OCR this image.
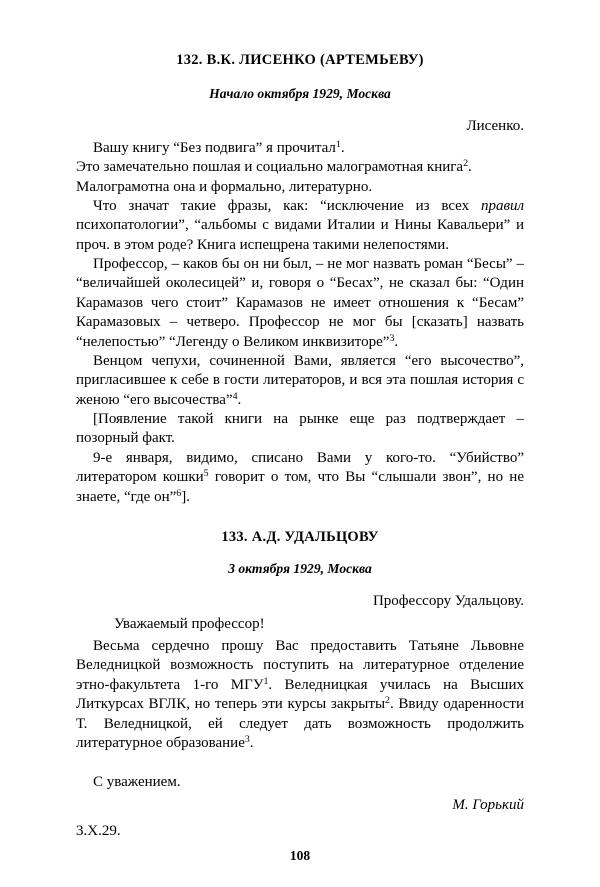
132. В.К. ЛИСЕНКО (АРТЕМЬЕВУ)
Начало октября 1929, Москва
Лисенко.

Вашу книгу “Без подвига” я прочитал$^1$.
Это замечательно пошлая и социально малограмотная книга$^2$.
Малограмотна она и формально, литературно.

Что значат такие фразы, как: “исключение из всех правил психопатологии”, “альбомы с видами Италии и Нины Кавальери” и проч. в этом роде? Книга испещрена такими нелепостями.

Профессор, – каков бы он ни был, – не мог назвать роман “Бесы” – “величайшей околесицей” и, говоря о “Бесах”, не сказал бы: “Один Карамазов чего стоит” Карамазов не имеет отношения к “Бесам” Карамазовых – четверо. Профессор не мог бы [сказать] назвать “нелепостью” “Легенду о Великом инквизиторе”$^3$.

Венцом чепухи, сочиненной Вами, является “его высочество”, пригласившее к себе в гости литераторов, и вся эта пошлая история с женою “его высочества”$^4$.

[Появление такой книги на рынке еще раз подтверждает – позорный факт.

9-е января, видимо, списано Вами у кого-то. “Убийство” литератором кошки$^5$ говорит о том, что Вы “слышали звон”, но не знаете, “где он”$^6$].

133. А.Д. УДАЛЬЦОВУ
3 октября 1929, Москва
Профессору Удальцову.
Уважаемый профессор!

Весьма сердечно прошу Вас предоставить Татьяне Львовне Веледницкой возможность поступить на литературное отделение этно-факультета 1-го МГУ$^1$. Веледницкая училась на Высших Литкурсах ВГЛК, но теперь эти курсы закрыты$^2$. Ввиду одаренности Т. Веледницкой, ей следует дать возможность продолжить литературное образование$^3$.

С уважением.

М. Горький
3.Х.29.
108
